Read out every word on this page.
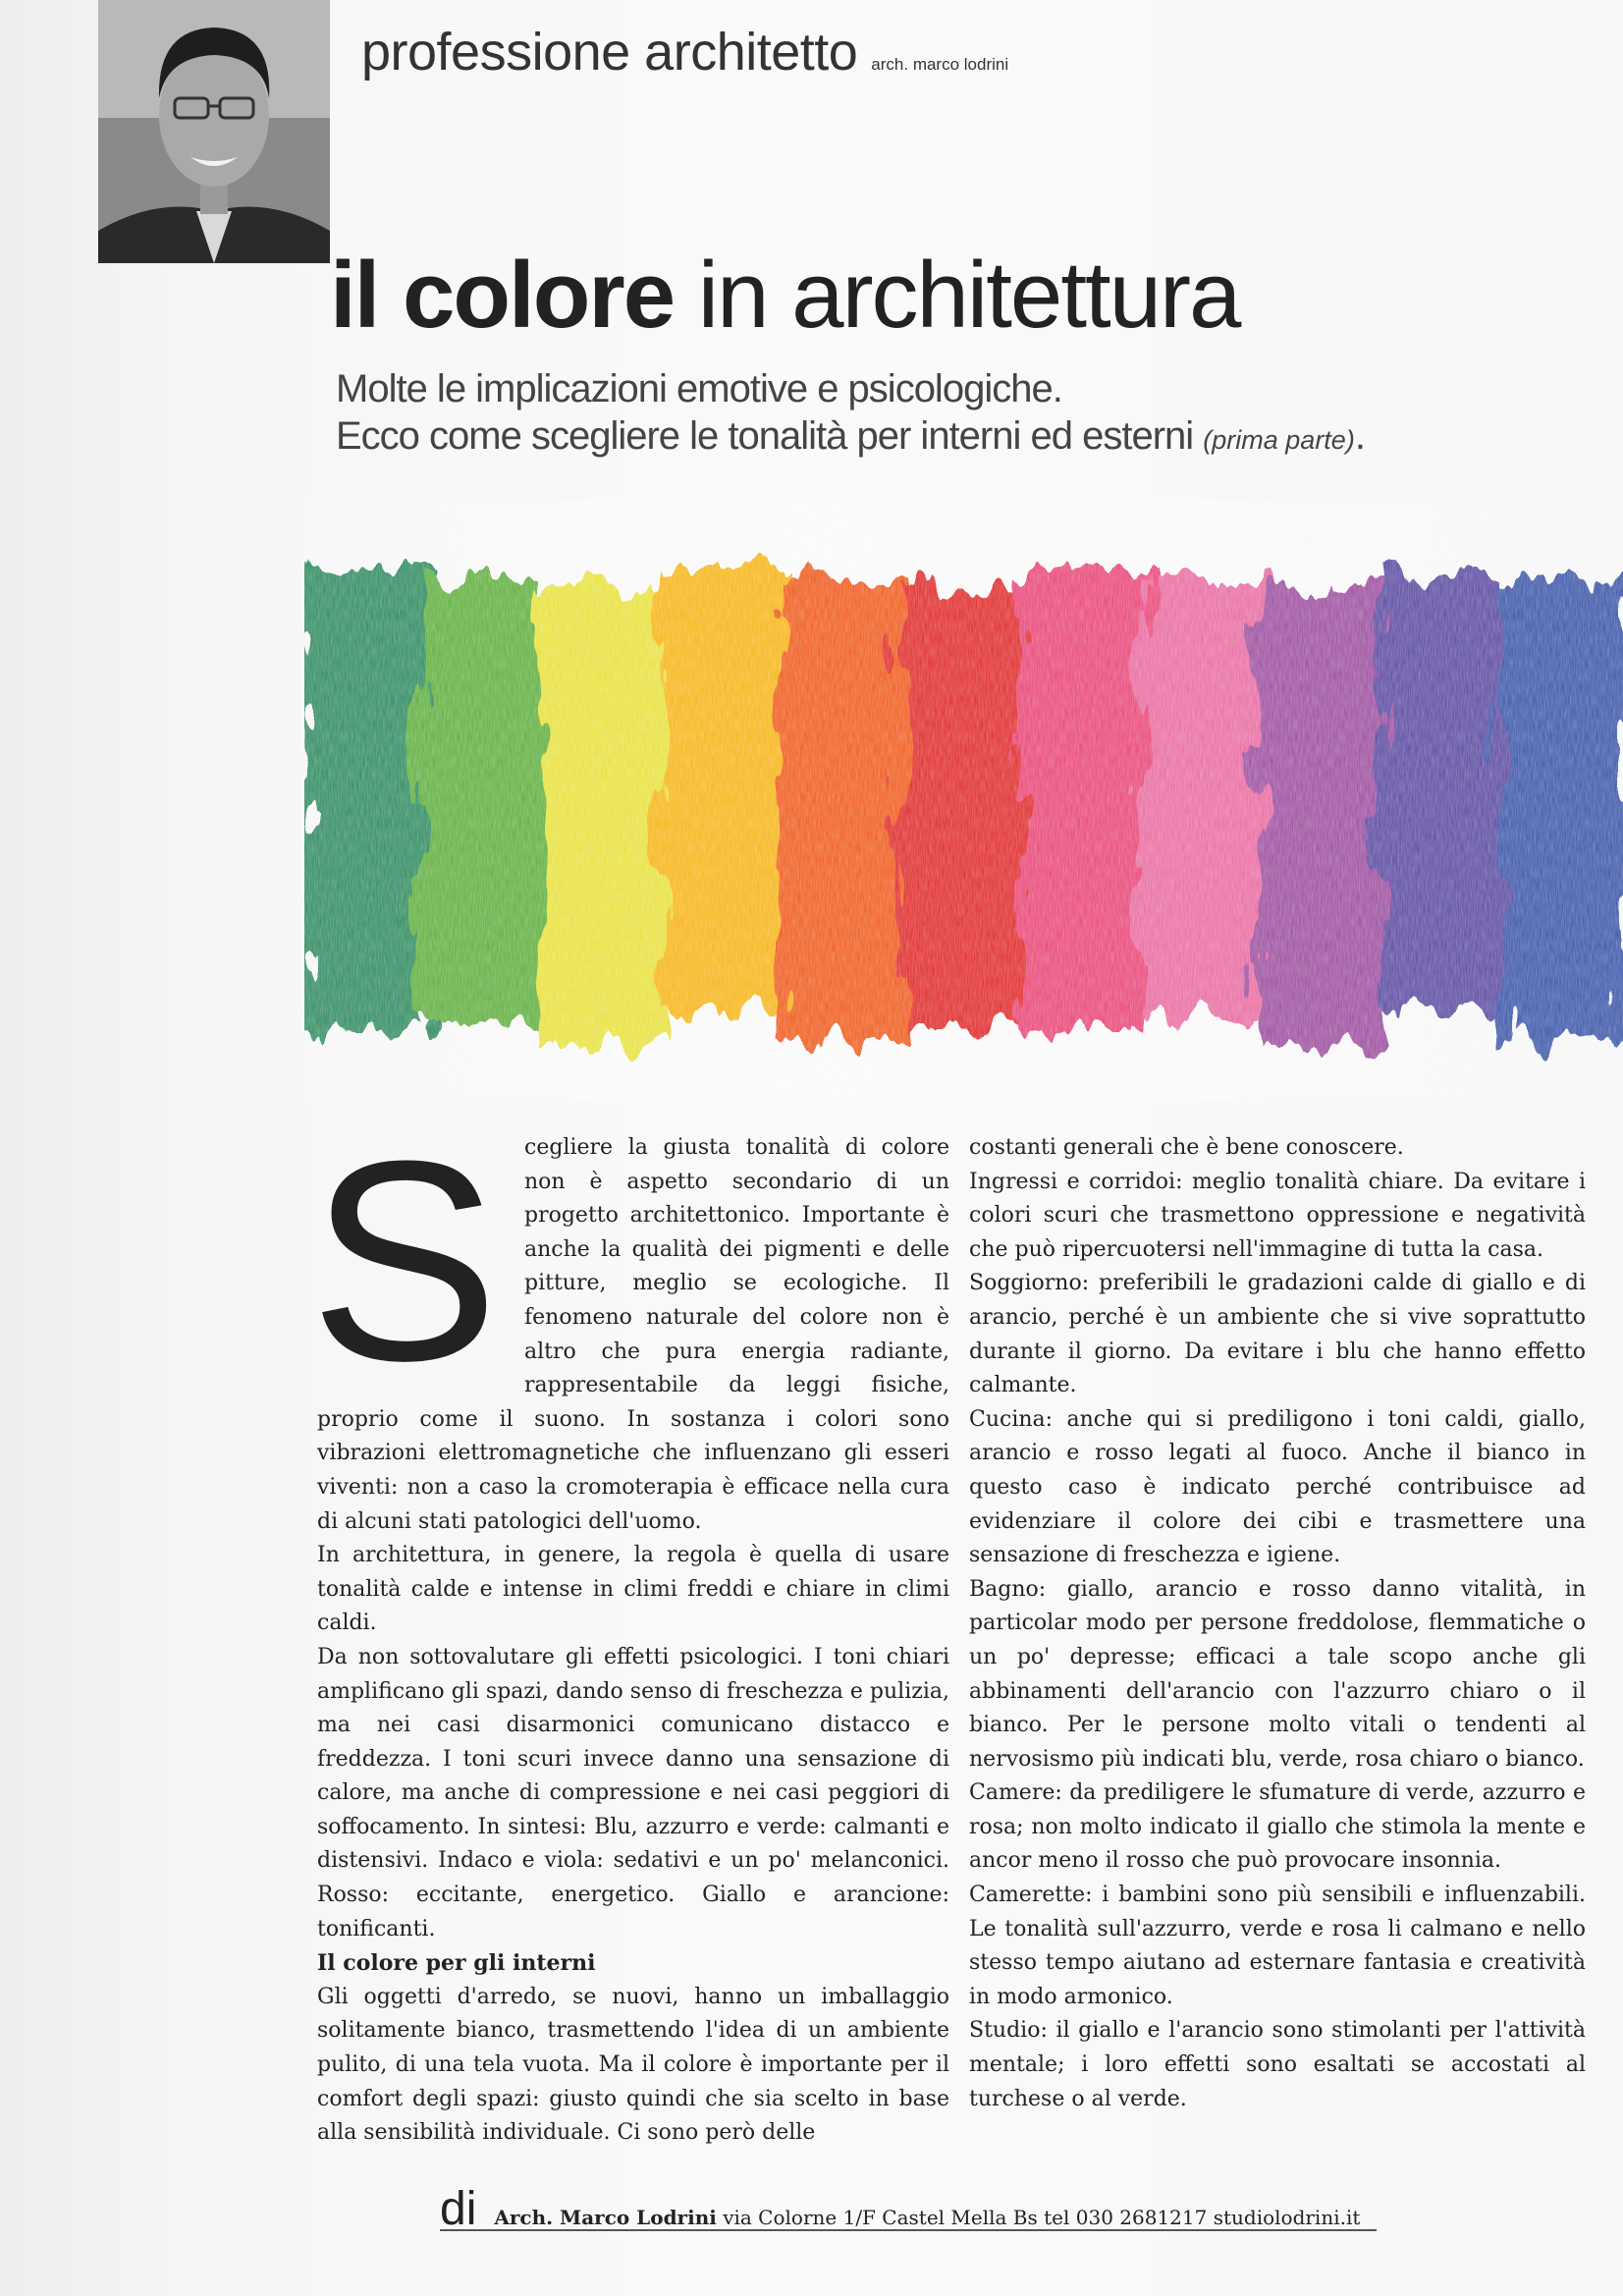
professione architetto arch. marco lodrini
il colore in architettura
Molte le implicazioni emotive e psicologiche.
Ecco come scegliere le tonalità per interni ed esterni (prima parte).
S	cegliere la giusta tonalità di colore non è aspetto secondario di un progetto architettonico. Importante è anche la qualità dei pigmenti e delle pitture, meglio se ecologiche. Il fenomeno naturale del colore non è altro che pura energia radiante, rappresentabile da leggi fisiche, proprio come il suono. In sostanza i colori sono vibrazioni elettromagnetiche che influenzano gli esseri viventi: non a caso la cromoterapia è efficace nella cura di alcuni stati patologici dell'uomo.

In architettura, in genere, la regola è quella di usare tonalità calde e intense in climi freddi e chiare in climi caldi.

Da non sottovalutare gli effetti psicologici. I toni chiari amplificano gli spazi, dando senso di freschezza e pulizia, ma nei casi disarmonici comunicano distacco e freddezza. I toni scuri invece danno una sensazione di calore, ma anche di compressione e nei casi peggiori di soffocamento. In sintesi: Blu, azzurro e verde: calmanti e distensivi. Indaco e viola: sedativi e un po' melanconici. Rosso: eccitante, energetico. Giallo e arancione: tonificanti.

Il colore per gli interni

Gli oggetti d'arredo, se nuovi, hanno un imballaggio solitamente bianco, trasmettendo l'idea di un ambiente pulito, di una tela vuota. Ma il colore è importante per il comfort degli spazi: giusto quindi che sia scelto in base alla sensibilità individuale. Ci sono però delle

costanti generali che è bene conoscere.

Ingressi e corridoi: meglio tonalità chiare. Da evitare i colori scuri che trasmettono oppressione e negatività che può ripercuotersi nell'immagine di tutta la casa.

Soggiorno: preferibili le gradazioni calde di giallo e di arancio, perché è un ambiente che si vive soprattutto durante il giorno. Da evitare i blu che hanno effetto calmante.

Cucina: anche qui si prediligono i toni caldi, giallo, arancio e rosso legati al fuoco. Anche il bianco in questo caso è indicato perché contribuisce ad evidenziare il colore dei cibi e trasmettere una sensazione di freschezza e igiene.

Bagno: giallo, arancio e rosso danno vitalità, in particolar modo per persone freddolose, flemmatiche o un po' depresse; efficaci a tale scopo anche gli abbinamenti dell'arancio con l'azzurro chiaro o il bianco. Per le persone molto vitali o tendenti al nervosismo più indicati blu, verde, rosa chiaro o bianco.

Camere: da prediligere le sfumature di verde, azzurro e rosa; non molto indicato il giallo che stimola la mente e ancor meno il rosso che può provocare insonnia.

Camerette: i bambini sono più sensibili e influenzabili. Le tonalità sull'azzurro, verde e rosa li calmano e nello stesso tempo aiutano ad esternare fantasia e creatività in modo armonico.

Studio: il giallo e l'arancio sono stimolanti per l'attività mentale; i loro effetti sono esaltati se accostati al turchese o al verde.

di Arch. Marco Lodrini via Colorne 1/F Castel Mella Bs tel 030 2681217 studiolodrini.it
